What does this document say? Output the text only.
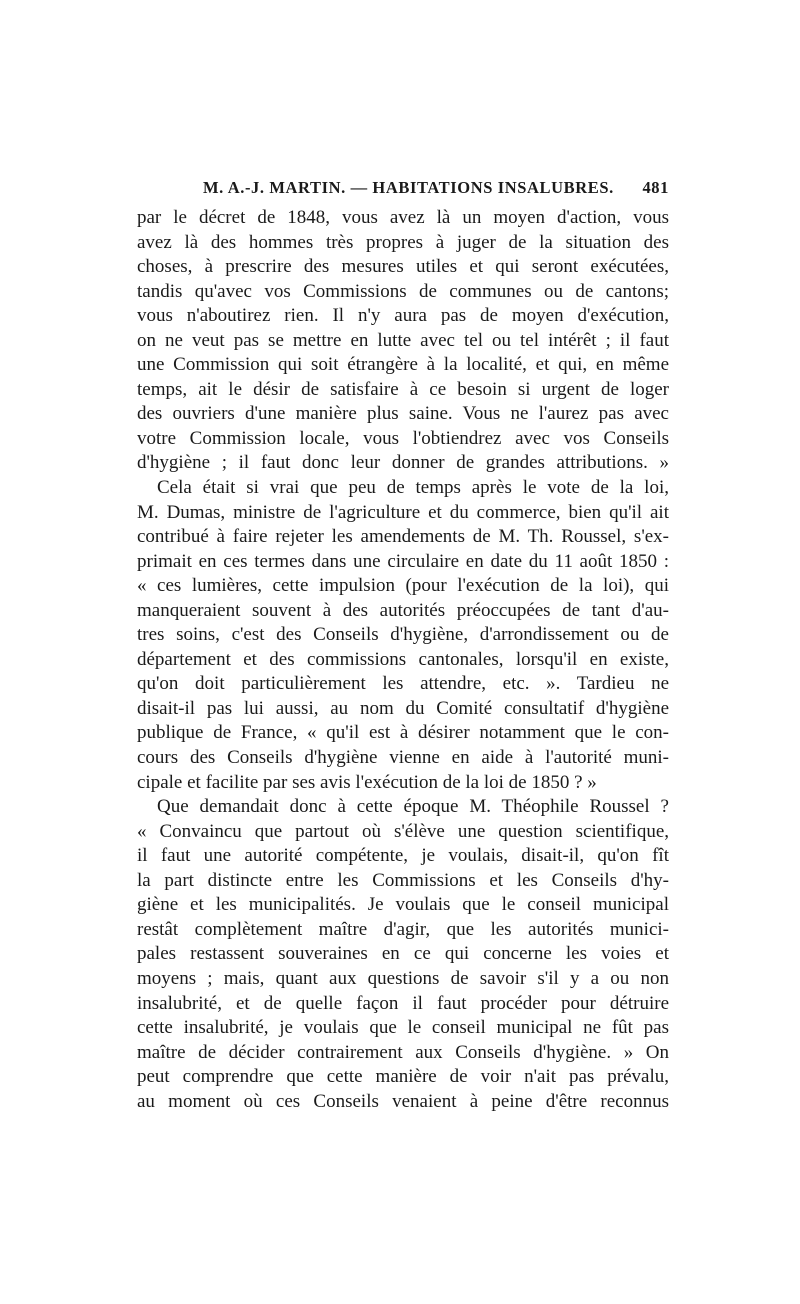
M. A.-J. MARTIN. — HABITATIONS INSALUBRES. 481
par le décret de 1848, vous avez là un moyen d'action, vous
avez là des hommes très propres à juger de la situation des
choses, à prescrire des mesures utiles et qui seront exécutées,
tandis qu'avec vos Commissions de communes ou de cantons;
vous n'aboutirez rien. Il n'y aura pas de moyen d'exécution,
on ne veut pas se mettre en lutte avec tel ou tel intérêt ; il faut
une Commission qui soit étrangère à la localité, et qui, en même
temps, ait le désir de satisfaire à ce besoin si urgent de loger
des ouvriers d'une manière plus saine. Vous ne l'aurez pas avec
votre Commission locale, vous l'obtiendrez avec vos Conseils
d'hygiène ; il faut donc leur donner de grandes attributions. »
Cela était si vrai que peu de temps après le vote de la loi,
M. Dumas, ministre de l'agriculture et du commerce, bien qu'il ait
contribué à faire rejeter les amendements de M. Th. Roussel, s'ex-
primait en ces termes dans une circulaire en date du 11 août 1850 :
« ces lumières, cette impulsion (pour l'exécution de la loi), qui
manqueraient souvent à des autorités préoccupées de tant d'au-
tres soins, c'est des Conseils d'hygiène, d'arrondissement ou de
département et des commissions cantonales, lorsqu'il en existe,
qu'on doit particulièrement les attendre, etc. ». Tardieu ne
disait-il pas lui aussi, au nom du Comité consultatif d'hygiène
publique de France, « qu'il est à désirer notamment que le con-
cours des Conseils d'hygiène vienne en aide à l'autorité muni-
cipale et facilite par ses avis l'exécution de la loi de 1850 ? »
Que demandait donc à cette époque M. Théophile Roussel ?
« Convaincu que partout où s'élève une question scientifique,
il faut une autorité compétente, je voulais, disait-il, qu'on fît
la part distincte entre les Commissions et les Conseils d'hy-
giène et les municipalités. Je voulais que le conseil municipal
restât complètement maître d'agir, que les autorités munici-
pales restassent souveraines en ce qui concerne les voies et
moyens ; mais, quant aux questions de savoir s'il y a ou non
insalubrité, et de quelle façon il faut procéder pour détruire
cette insalubrité, je voulais que le conseil municipal ne fût pas
maître de décider contrairement aux Conseils d'hygiène. » On
peut comprendre que cette manière de voir n'ait pas prévalu,
au moment où ces Conseils venaient à peine d'être reconnus
